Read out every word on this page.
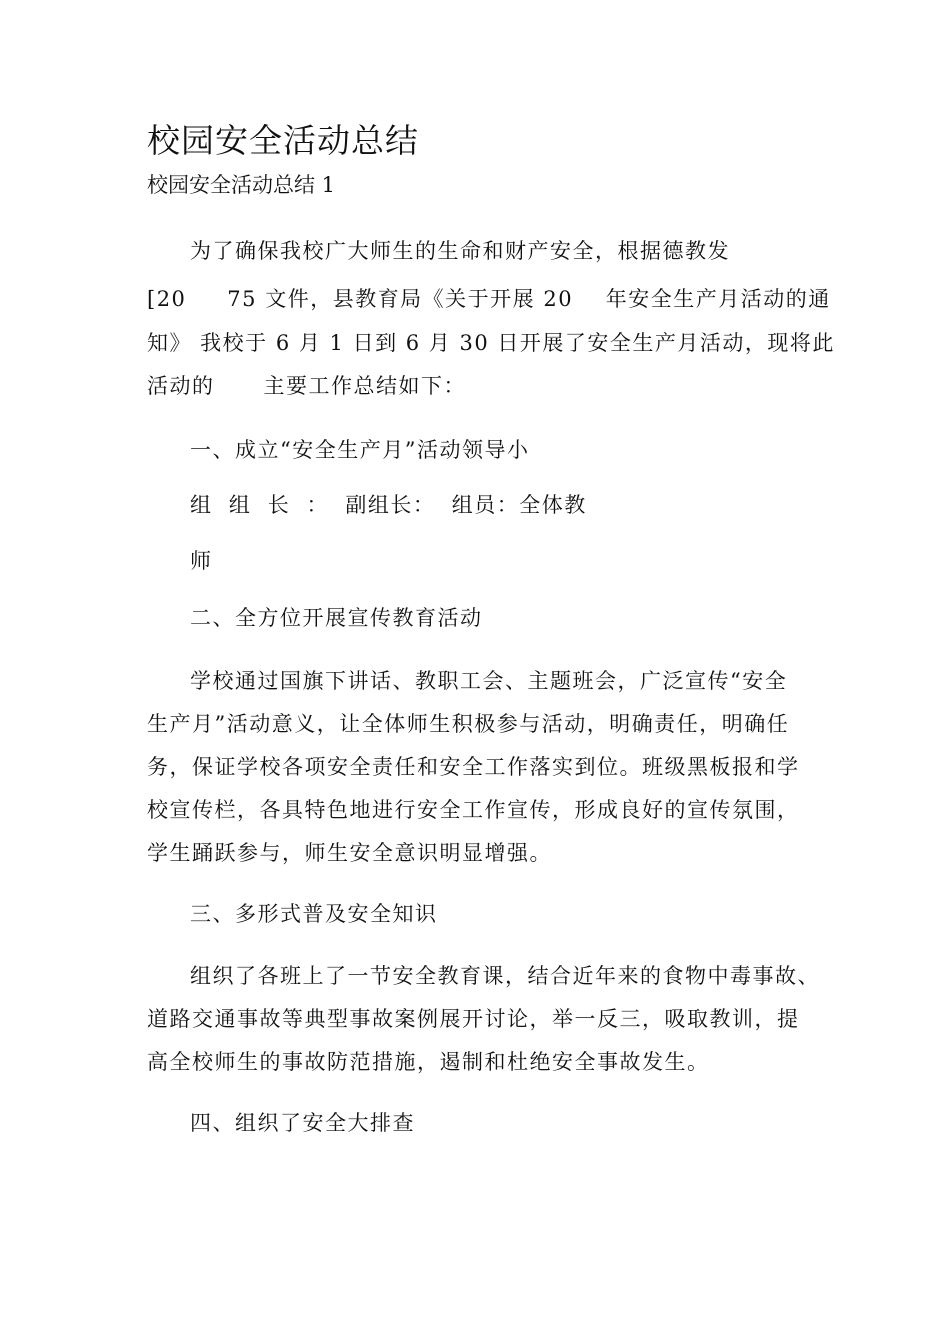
校园安全活动总结
校园安全活动总结 1
为了确保我校广大师生的生命和财产安全，根据德教发
[20     75 文件，县教育局《关于开展 20    年安全生产月活动的通
知》 我校于 6 月 1 日到 6 月 30 日开展了安全生产月活动，现将此
活动的      主要工作总结如下：
一、成立“安全生产月”活动领导小
组  组  长  ：  副组长：  组员：全体教
师
二、全方位开展宣传教育活动
学校通过国旗下讲话、教职工会、主题班会，广泛宣传“安全
生产月”活动意义，让全体师生积极参与活动，明确责任，明确任
务，保证学校各项安全责任和安全工作落实到位。班级黑板报和学
校宣传栏，各具特色地进行安全工作宣传，形成良好的宣传氛围，
学生踊跃参与，师生安全意识明显增强。
三、多形式普及安全知识
组织了各班上了一节安全教育课，结合近年来的食物中毒事故、
道路交通事故等典型事故案例展开讨论，举一反三，吸取教训，提
高全校师生的事故防范措施，遏制和杜绝安全事故发生。
四、组织了安全大排查
